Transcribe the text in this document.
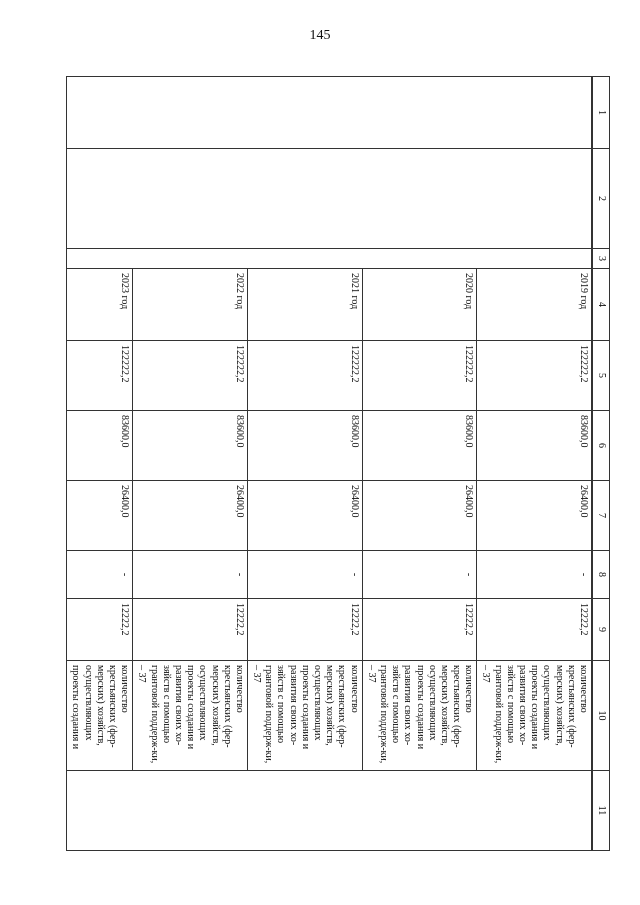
145
1	2	3	4	5	6	7	8	9	10	11

			2019 год	122222,2	83600,0	26400,0	-	12222,2	количество крестьянских (фер-мерских) хозяйств, осуществляющих проекты создания и развития своих хо-зяйств с помощью грантовой поддерж-ки, – 37	
			2020 год	122222,2	83600,0	26400,0	-	12222,2	количество крестьянских (фер-мерских) хозяйств, осуществляющих проекты создания и развития своих хо-зяйств с помощью грантовой поддерж-ки, – 37	
			2021 год	122222,2	83600,0	26400,0	-	12222,2	количество крестьянских (фер-мерских) хозяйств, осуществляющих проекты создания и развития своих хо-зяйств с помощью грантовой поддерж-ки, – 37	
			2022 год	122222,2	83600,0	26400,0	-	12222,2	количество крестьянских (фер-мерских) хозяйств, осуществляющих проекты создания и развития своих хо-зяйств с помощью грантовой поддерж-ки, – 37	
			2023 год	122222,2	83600,0	26400,0	-	12222,2	количество крестьянских (фер-мерских) хозяйств, осуществляющих проекты создания и	
